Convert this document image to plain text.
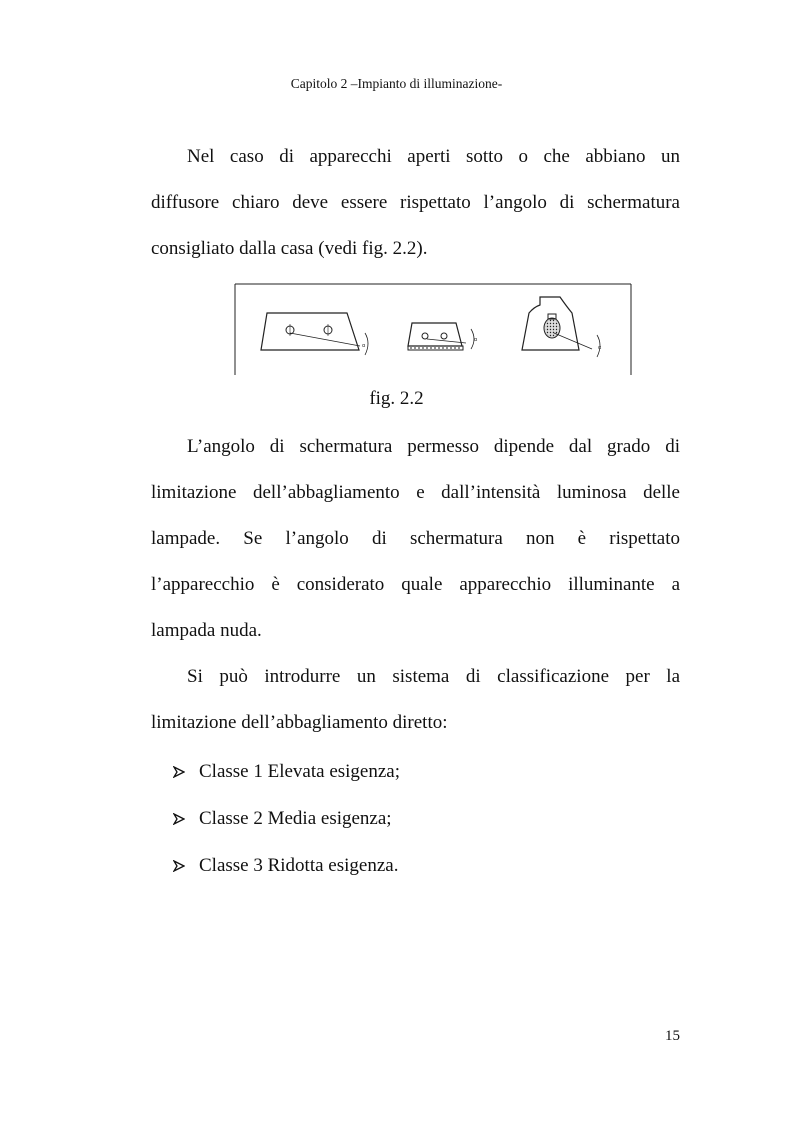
Capitolo 2 –Impianto di illuminazione-

Nel caso di apparecchi aperti sotto o che abbiano un
diffusore chiaro deve essere rispettato l’angolo di schermatura
consigliato dalla casa (vedi fig. 2.2).

α
α
α
fig. 2.2

L’angolo di schermatura permesso dipende dal grado di
limitazione dell’abbagliamento e dall’intensità luminosa delle
lampade. Se l’angolo di schermatura non è rispettato
l’apparecchio è considerato quale apparecchio illuminante a
lampada nuda.

Si può introdurre un sistema di classificazione per la
limitazione dell’abbagliamento diretto:

Classe 1 Elevata esigenza;
Classe 2 Media esigenza;
Classe 3 Ridotta esigenza.
15
